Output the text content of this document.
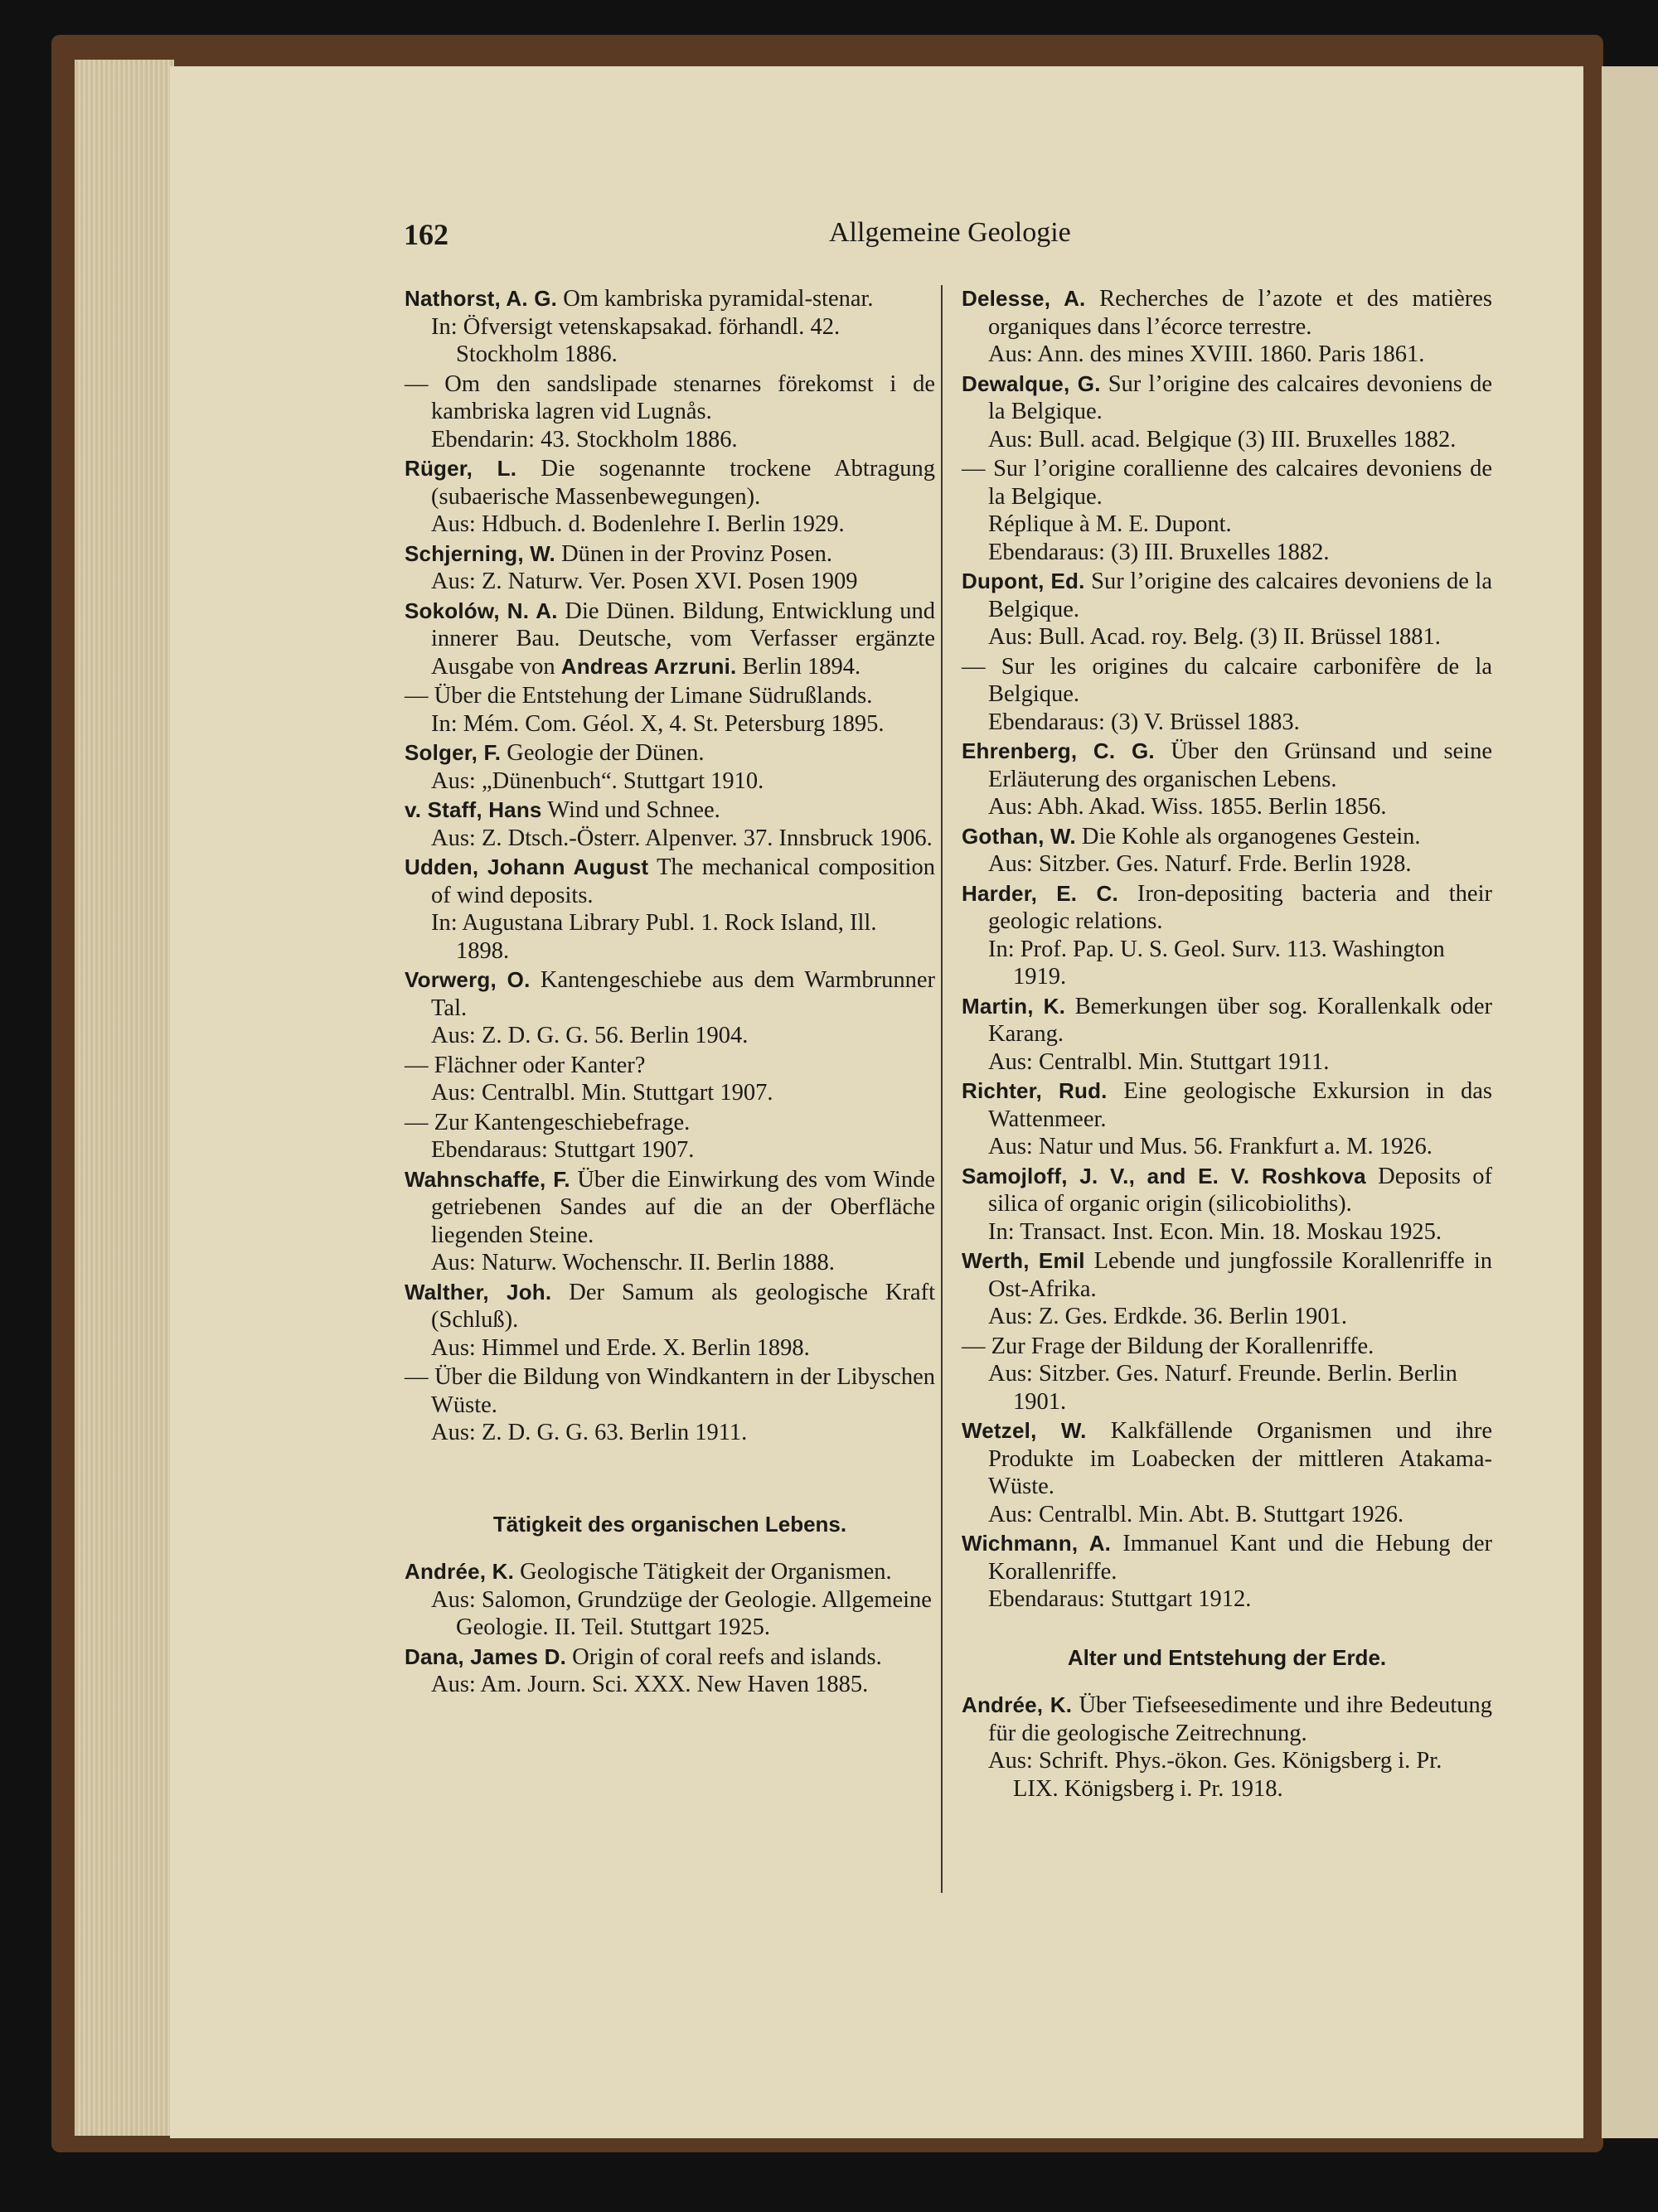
162	Allgemeine Geologie
Nathorst, A. G. Om kambriska pyramidal-stenar.
In: Öfversigt vetenskapsakad. förhandl. 42. Stockholm 1886.
— Om den sandslipade stenarnes förekomst i de kambriska lagren vid Lugnås.
Ebendarin: 43. Stockholm 1886.
Rüger, L. Die sogenannte trockene Abtragung (subaerische Massenbewegungen).
Aus: Hdbuch. d. Bodenlehre I. Berlin 1929.
Schjerning, W. Dünen in der Provinz Posen.
Aus: Z. Naturw. Ver. Posen XVI. Posen 1909
Sokolów, N. A. Die Dünen. Bildung, Entwicklung und innerer Bau. Deutsche, vom Verfasser ergänzte Ausgabe von Andreas Arzruni. Berlin 1894.
— Über die Entstehung der Limane Südrußlands.
In: Mém. Com. Géol. X, 4. St. Petersburg 1895.
Solger, F. Geologie der Dünen.
Aus: „Dünenbuch“. Stuttgart 1910.
v. Staff, Hans Wind und Schnee.
Aus: Z. Dtsch.-Österr. Alpenver. 37. Innsbruck 1906.
Udden, Johann August The mechanical composition of wind deposits.
In: Augustana Library Publ. 1. Rock Island, Ill. 1898.
Vorwerg, O. Kantengeschiebe aus dem Warmbrunner Tal.
Aus: Z. D. G. G. 56. Berlin 1904.
— Flächner oder Kanter?
Aus: Centralbl. Min. Stuttgart 1907.
— Zur Kantengeschiebefrage.
Ebendaraus: Stuttgart 1907.
Wahnschaffe, F. Über die Einwirkung des vom Winde getriebenen Sandes auf die an der Oberfläche liegenden Steine.
Aus: Naturw. Wochenschr. II. Berlin 1888.
Walther, Joh. Der Samum als geologische Kraft (Schluß).
Aus: Himmel und Erde. X. Berlin 1898.
— Über die Bildung von Windkantern in der Libyschen Wüste.
Aus: Z. D. G. G. 63. Berlin 1911.
Tätigkeit des organischen Lebens.
Andrée, K. Geologische Tätigkeit der Organismen.
Aus: Salomon, Grundzüge der Geologie. Allgemeine Geologie. II. Teil. Stuttgart 1925.
Dana, James D. Origin of coral reefs and islands.
Aus: Am. Journ. Sci. XXX. New Haven 1885.
Delesse, A. Recherches de l’azote et des matières organiques dans l’écorce terrestre.
Aus: Ann. des mines XVIII. 1860. Paris 1861.
Dewalque, G. Sur l’origine des calcaires devoniens de la Belgique.
Aus: Bull. acad. Belgique (3) III. Bruxelles 1882.
— Sur l’origine corallienne des calcaires devoniens de la Belgique.
Réplique à M. E. Dupont.
Ebendaraus: (3) III. Bruxelles 1882.
Dupont, Ed. Sur l’origine des calcaires devoniens de la Belgique.
Aus: Bull. Acad. roy. Belg. (3) II. Brüssel 1881.
— Sur les origines du calcaire carbonifère de la Belgique.
Ebendaraus: (3) V. Brüssel 1883.
Ehrenberg, C. G. Über den Grünsand und seine Erläuterung des organischen Lebens.
Aus: Abh. Akad. Wiss. 1855. Berlin 1856.
Gothan, W. Die Kohle als organogenes Gestein.
Aus: Sitzber. Ges. Naturf. Frde. Berlin 1928.
Harder, E. C. Iron-depositing bacteria and their geologic relations.
In: Prof. Pap. U. S. Geol. Surv. 113. Washington 1919.
Martin, K. Bemerkungen über sog. Korallenkalk oder Karang.
Aus: Centralbl. Min. Stuttgart 1911.
Richter, Rud. Eine geologische Exkursion in das Wattenmeer.
Aus: Natur und Mus. 56. Frankfurt a. M. 1926.
Samojloff, J. V., and E. V. Roshkova Deposits of silica of organic origin (silicobioliths).
In: Transact. Inst. Econ. Min. 18. Moskau 1925.
Werth, Emil Lebende und jungfossile Korallenriffe in Ost-Afrika.
Aus: Z. Ges. Erdkde. 36. Berlin 1901.
— Zur Frage der Bildung der Korallenriffe.
Aus: Sitzber. Ges. Naturf. Freunde. Berlin. Berlin 1901.
Wetzel, W. Kalkfällende Organismen und ihre Produkte im Loabecken der mittleren Atakama-Wüste.
Aus: Centralbl. Min. Abt. B. Stuttgart 1926.
Wichmann, A. Immanuel Kant und die Hebung der Korallenriffe.
Ebendaraus: Stuttgart 1912.
Alter und Entstehung der Erde.
Andrée, K. Über Tiefseesedimente und ihre Bedeutung für die geologische Zeitrechnung.
Aus: Schrift. Phys.-ökon. Ges. Königsberg i. Pr. LIX. Königsberg i. Pr. 1918.
